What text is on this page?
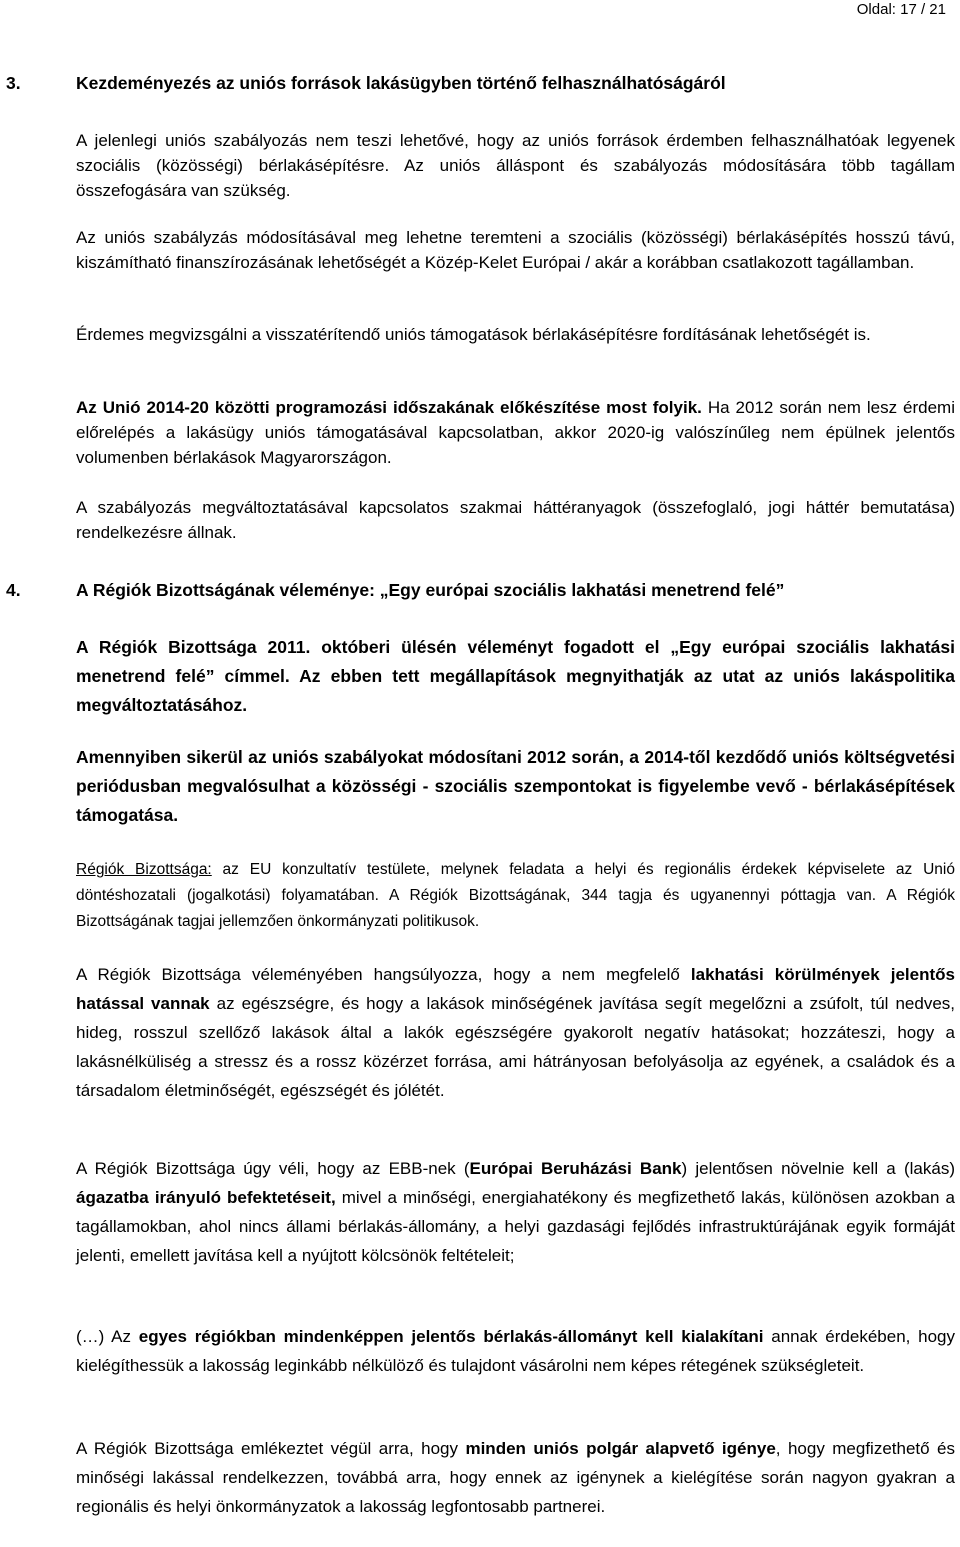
Oldal: 17 / 21
3.	Kezdeményezés az uniós források lakásügyben történő felhasználhatóságáról

A jelenlegi uniós szabályozás nem teszi lehetővé, hogy az uniós források érdemben felhasználhatóak legyenek szociális (közösségi) bérlakásépítésre. Az uniós álláspont és szabályozás módosítására több tagállam összefogására van szükség.

Az uniós szabályzás módosításával meg lehetne teremteni a szociális (közösségi) bérlakásépítés hosszú távú, kiszámítható finanszírozásának lehetőségét a Közép-Kelet Európai / akár a korábban csatlakozott tagállamban.

Érdemes megvizsgálni a visszatérítendő uniós támogatások bérlakásépítésre fordításának lehetőségét is.

Az Unió 2014-20 közötti programozási időszakának előkészítése most folyik. Ha 2012 során nem lesz érdemi előrelépés a lakásügy uniós támogatásával kapcsolatban, akkor 2020-ig valószínűleg nem épülnek jelentős volumenben bérlakások Magyarországon.

A szabályozás megváltoztatásával kapcsolatos szakmai háttéranyagok (összefoglaló, jogi háttér bemutatása) rendelkezésre állnak.

4.	A Régiók Bizottságának véleménye: „Egy európai szociális lakhatási menetrend felé”

A Régiók Bizottsága 2011. októberi ülésén véleményt fogadott el „Egy európai szociális lakhatási menetrend felé” címmel. Az ebben tett megállapítások megnyithatják az utat az uniós lakáspolitika megváltoztatásához.

Amennyiben sikerül az uniós szabályokat módosítani 2012 során, a 2014-től kezdődő uniós költségvetési periódusban megvalósulhat a közösségi - szociális szempontokat is figyelembe vevő - bérlakásépítések támogatása.

Régiók Bizottsága: az EU konzultatív testülete, melynek feladata a helyi és regionális érdekek képviselete az Unió döntéshozatali (jogalkotási) folyamatában. A Régiók Bizottságának, 344 tagja és ugyanennyi póttagja van. A Régiók Bizottságának tagjai jellemzően önkormányzati politikusok.

A Régiók Bizottsága véleményében hangsúlyozza, hogy a nem megfelelő lakhatási körülmények jelentős hatással vannak az egészségre, és hogy a lakások minőségének javítása segít megelőzni a zsúfolt, túl nedves, hideg, rosszul szellőző lakások által a lakók egészségére gyakorolt negatív hatásokat; hozzáteszi, hogy a lakásnélküliség a stressz és a rossz közérzet forrása, ami hátrányosan befolyásolja az egyének, a családok és a társadalom életminőségét, egészségét és jólétét.

A Régiók Bizottsága úgy véli, hogy az EBB-nek (Európai Beruházási Bank) jelentősen növelnie kell a (lakás) ágazatba irányuló befektetéseit, mivel a minőségi, energiahatékony és megfizethető lakás, különösen azokban a tagállamokban, ahol nincs állami bérlakás-állomány, a helyi gazdasági fejlődés infrastruktúrájának egyik formáját jelenti, emellett javítása kell a nyújtott kölcsönök feltételeit;

(…) Az egyes régiókban mindenképpen jelentős bérlakás-állományt kell kialakítani annak érdekében, hogy kielégíthessük a lakosság leginkább nélkülöző és tulajdont vásárolni nem képes rétegének szükségleteit.

A Régiók Bizottsága emlékeztet végül arra, hogy minden uniós polgár alapvető igénye, hogy megfizethető és minőségi lakással rendelkezzen, továbbá arra, hogy ennek az igénynek a kielégítése során nagyon gyakran a regionális és helyi önkormányzatok a lakosság legfontosabb partnerei.
